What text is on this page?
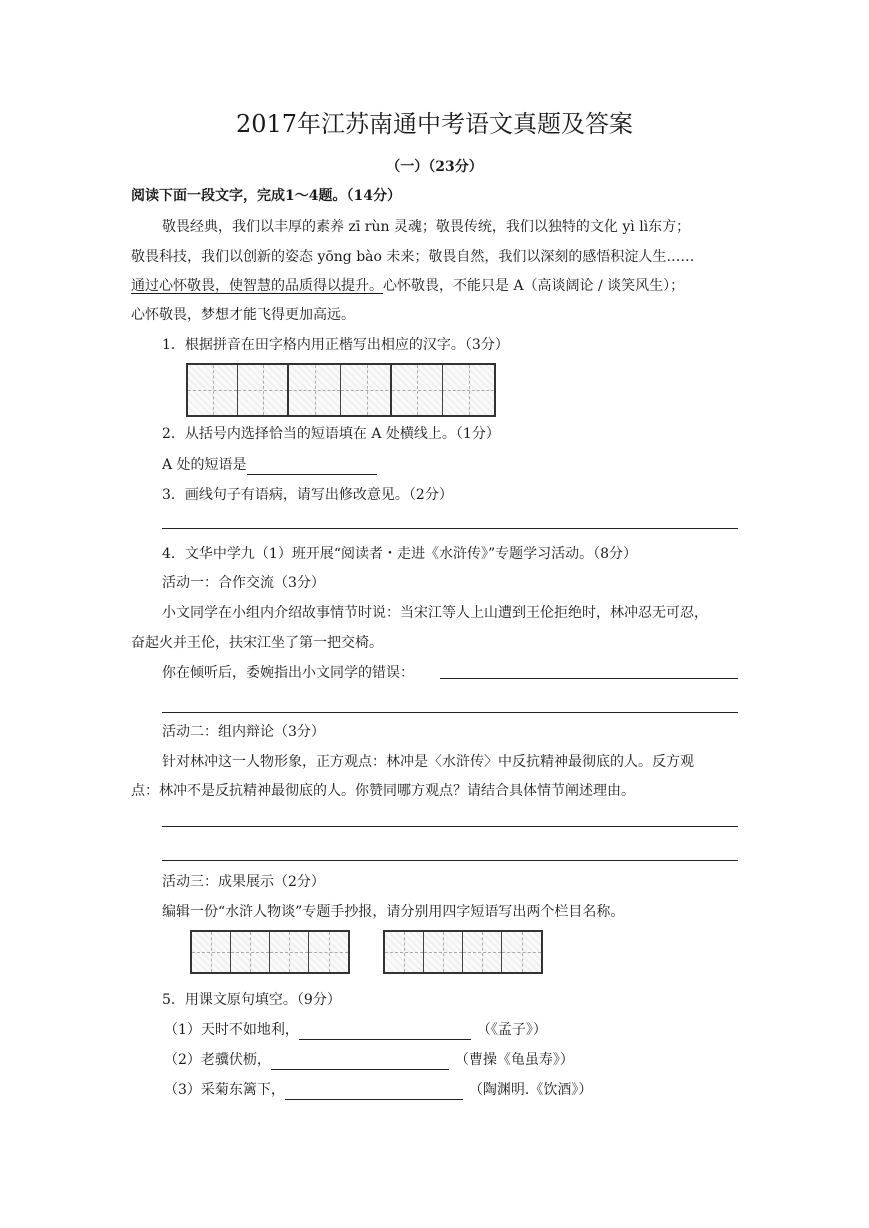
2017年江苏南通中考语文真题及答案
（一）（23分）
阅读下面一段文字，完成1～4题。（14分）
敬畏经典，我们以丰厚的素养 zī rùn 灵魂；敬畏传统，我们以独特的文化 yì lì东方；
敬畏科技，我们以创新的姿态 yōng bào 未来；敬畏自然，我们以深刻的感悟积淀人生……
通过心怀敬畏，使智慧的品质得以提升。心怀敬畏，不能只是 A（高谈阔论 / 谈笑风生）；
心怀敬畏，梦想才能飞得更加高远。
1．根据拼音在田字格内用正楷写出相应的汉字。（3分）
2．从括号内选择恰当的短语填在 A 处横线上。（1分）
A 处的短语是
3．画线句子有语病，请写出修改意见。（2分）
4．文华中学九（1）班开展“阅读者・走进《水浒传》”专题学习活动。（8分）
活动一：合作交流（3分）
小文同学在小组内介绍故事情节时说：当宋江等人上山遭到王伦拒绝时，林冲忍无可忍，
奋起火并王伦，扶宋江坐了第一把交椅。
你在倾听后，委婉指出小文同学的错误：
活动二：组内辩论（3分）
针对林冲这一人物形象，正方观点：林冲是〈水浒传〉中反抗精神最彻底的人。反方观
点：林冲不是反抗精神最彻底的人。你赞同哪方观点？请结合具体情节阐述理由。
活动三：成果展示（2分）
编辑一份“水浒人物谈”专题手抄报，请分别用四字短语写出两个栏目名称。
5．用课文原句填空。（9分）
（1）天时不如地利，	（《孟子》）
（2）老骥伏枥，	（曹操《龟虽寿》）
（3）采菊东篱下，	（陶渊明.《饮酒》）
